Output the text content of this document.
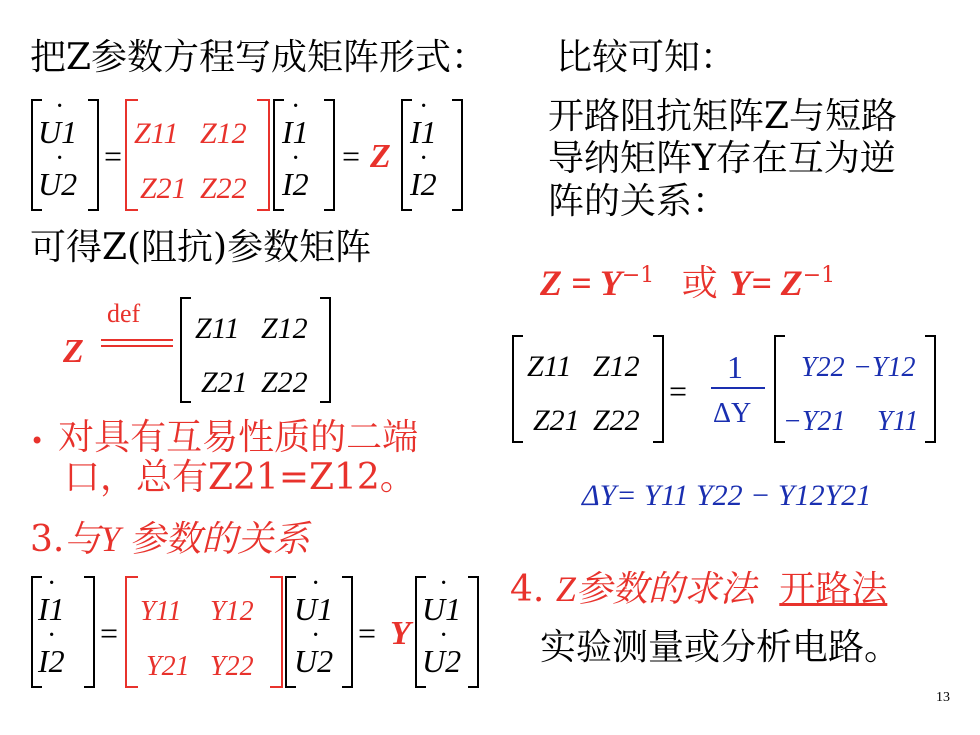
把Z参数方程写成矩阵形式： 比较可知：
U1
·
U2
· =
Z11 Z12
Z21 Z22
I1
·
I2
· = Z
I1
·
I2
·
开路阻抗矩阵Z与短路
导纳矩阵Y存在互为逆
阵的关系：
可得Z(阻抗)参数矩阵
Z
def Z11 Z12
Z21 Z22
$Z = Y^{-1}$ 或 $Y= Z^{-1}$
Z11 Z12
Z21 Z22
=
1
ΔY
Y22 −Y12
−Y21 Y11
• 对具有互易性质的二端
口，总有Z21=Z12。	ΔY= Y11 Y22 − Y12Y21
3.与Y 参数的关系
4. Z参数的求法 开路法
I1
·
I2
· =
Y11 Y12
Y21 Y22
U1
·
U2
· = Y
U1
·
U2
·	实验测量或分析电路。
13
